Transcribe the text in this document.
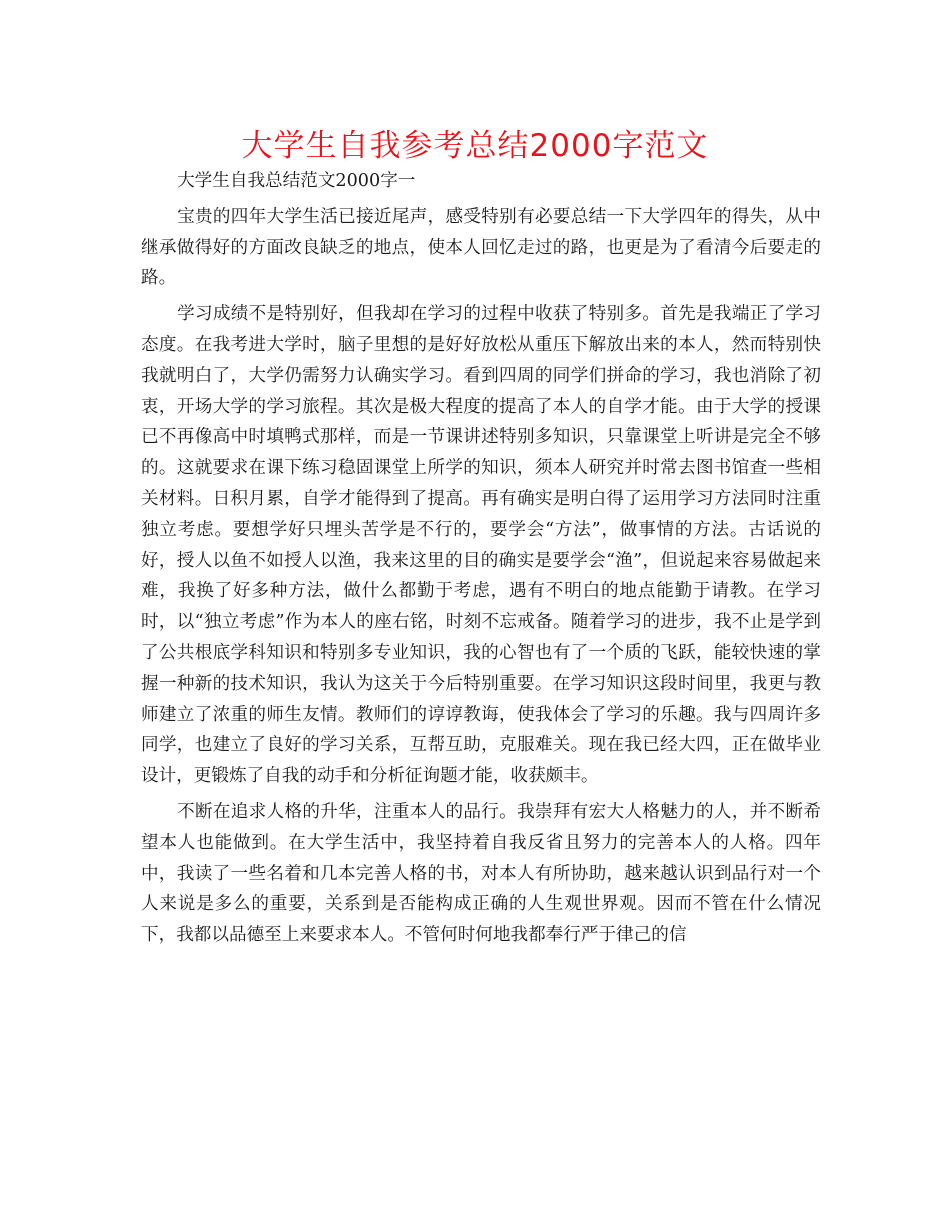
大学生自我参考总结2000字范文

大学生自我总结范文2000字一

宝贵的四年大学生活已接近尾声，感受特别有必要总结一下大学四年的得失，从中继承做得好的方面改良缺乏的地点，使本人回忆走过的路，也更是为了看清今后要走的路。

学习成绩不是特别好，但我却在学习的过程中收获了特别多。首先是我端正了学习态度。在我考进大学时，脑子里想的是好好放松从重压下解放出来的本人，然而特别快我就明白了，大学仍需努力认确实学习。看到四周的同学们拼命的学习，我也消除了初衷，开场大学的学习旅程。其次是极大程度的提高了本人的自学才能。由于大学的授课已不再像高中时填鸭式那样，而是一节课讲述特别多知识，只靠课堂上听讲是完全不够的。这就要求在课下练习稳固课堂上所学的知识，须本人研究并时常去图书馆查一些相关材料。日积月累，自学才能得到了提高。再有确实是明白得了运用学习方法同时注重独立考虑。要想学好只埋头苦学是不行的，要学会“方法”，做事情的方法。古话说的好，授人以鱼不如授人以渔，我来这里的目的确实是要学会“渔”，但说起来容易做起来难，我换了好多种方法，做什么都勤于考虑，遇有不明白的地点能勤于请教。在学习时，以“独立考虑”作为本人的座右铭，时刻不忘戒备。随着学习的进步，我不止是学到了公共根底学科知识和特别多专业知识，我的心智也有了一个质的飞跃，能较快速的掌握一种新的技术知识，我认为这关于今后特别重要。在学习知识这段时间里，我更与教师建立了浓重的师生友情。教师们的谆谆教诲，使我体会了学习的乐趣。我与四周许多同学，也建立了良好的学习关系，互帮互助，克服难关。现在我已经大四，正在做毕业设计，更锻炼了自我的动手和分析征询题才能，收获颇丰。

不断在追求人格的升华，注重本人的品行。我崇拜有宏大人格魅力的人，并不断希望本人也能做到。在大学生活中，我坚持着自我反省且努力的完善本人的人格。四年中，我读了一些名着和几本完善人格的书，对本人有所协助，越来越认识到品行对一个人来说是多么的重要，关系到是否能构成正确的人生观世界观。因而不管在什么情况下，我都以品德至上来要求本人。不管何时何地我都奉行严于律己的信
